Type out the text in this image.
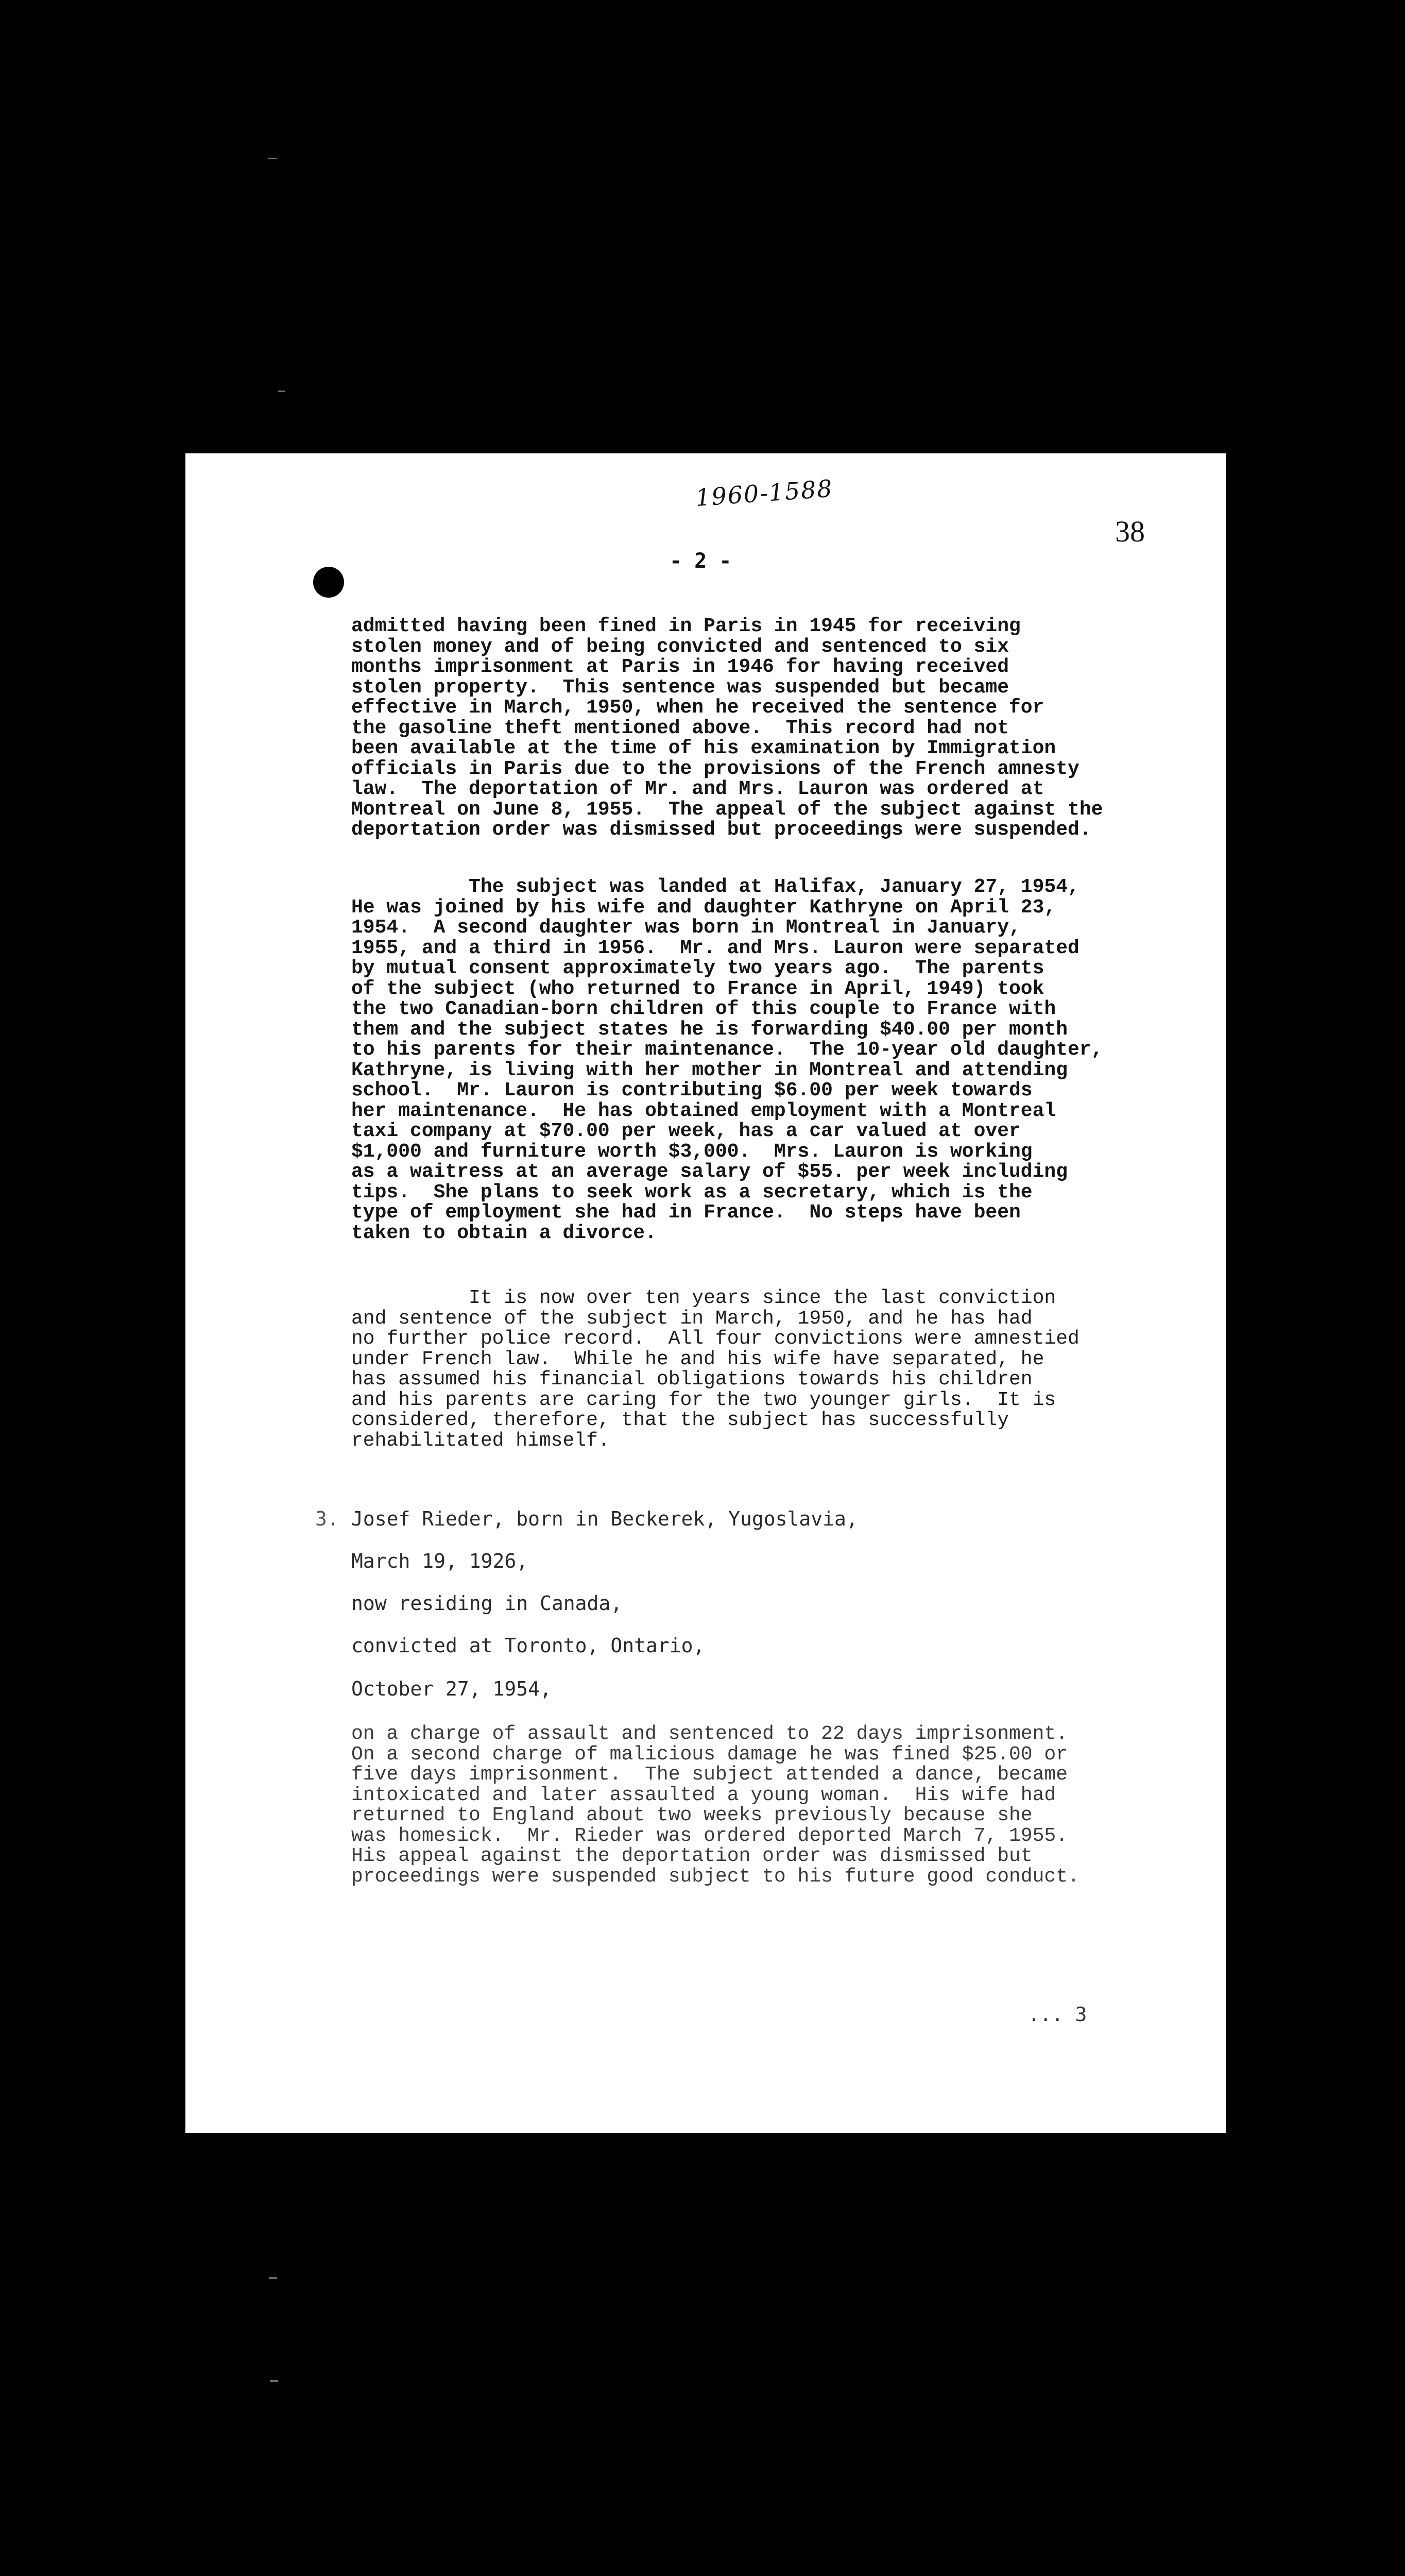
1960-1588
38
- 2 -
admitted having been fined in Paris in 1945 for receiving
stolen money and of being convicted and sentenced to six
months imprisonment at Paris in 1946 for having received
stolen property.  This sentence was suspended but became
effective in March, 1950, when he received the sentence for
the gasoline theft mentioned above.  This record had not
been available at the time of his examination by Immigration
officials in Paris due to the provisions of the French amnesty
law.  The deportation of Mr. and Mrs. Lauron was ordered at
Montreal on June 8, 1955.  The appeal of the subject against the
deportation order was dismissed but proceedings were suspended.
The subject was landed at Halifax, January 27, 1954,
He was joined by his wife and daughter Kathryne on April 23,
1954.  A second daughter was born in Montreal in January,
1955, and a third in 1956.  Mr. and Mrs. Lauron were separated
by mutual consent approximately two years ago.  The parents
of the subject (who returned to France in April, 1949) took
the two Canadian-born children of this couple to France with
them and the subject states he is forwarding $40.00 per month
to his parents for their maintenance.  The 10-year old daughter,
Kathryne, is living with her mother in Montreal and attending
school.  Mr. Lauron is contributing $6.00 per week towards
her maintenance.  He has obtained employment with a Montreal
taxi company at $70.00 per week, has a car valued at over
$1,000 and furniture worth $3,000.  Mrs. Lauron is working
as a waitress at an average salary of $55. per week including
tips.  She plans to seek work as a secretary, which is the
type of employment she had in France.  No steps have been
taken to obtain a divorce.
It is now over ten years since the last conviction
and sentence of the subject in March, 1950, and he has had
no further police record.  All four convictions were amnestied
under French law.  While he and his wife have separated, he
has assumed his financial obligations towards his children
and his parents are caring for the two younger girls.  It is
considered, therefore, that the subject has successfully
rehabilitated himself.
3. Josef Rieder, born in Beckerek, Yugoslavia,
March 19, 1926,
now residing in Canada,
convicted at Toronto, Ontario,
October 27, 1954,
on a charge of assault and sentenced to 22 days imprisonment.
On a second charge of malicious damage he was fined $25.00 or
five days imprisonment.  The subject attended a dance, became
intoxicated and later assaulted a young woman.  His wife had
returned to England about two weeks previously because she
was homesick.  Mr. Rieder was ordered deported March 7, 1955.
His appeal against the deportation order was dismissed but
proceedings were suspended subject to his future good conduct.
... 3
